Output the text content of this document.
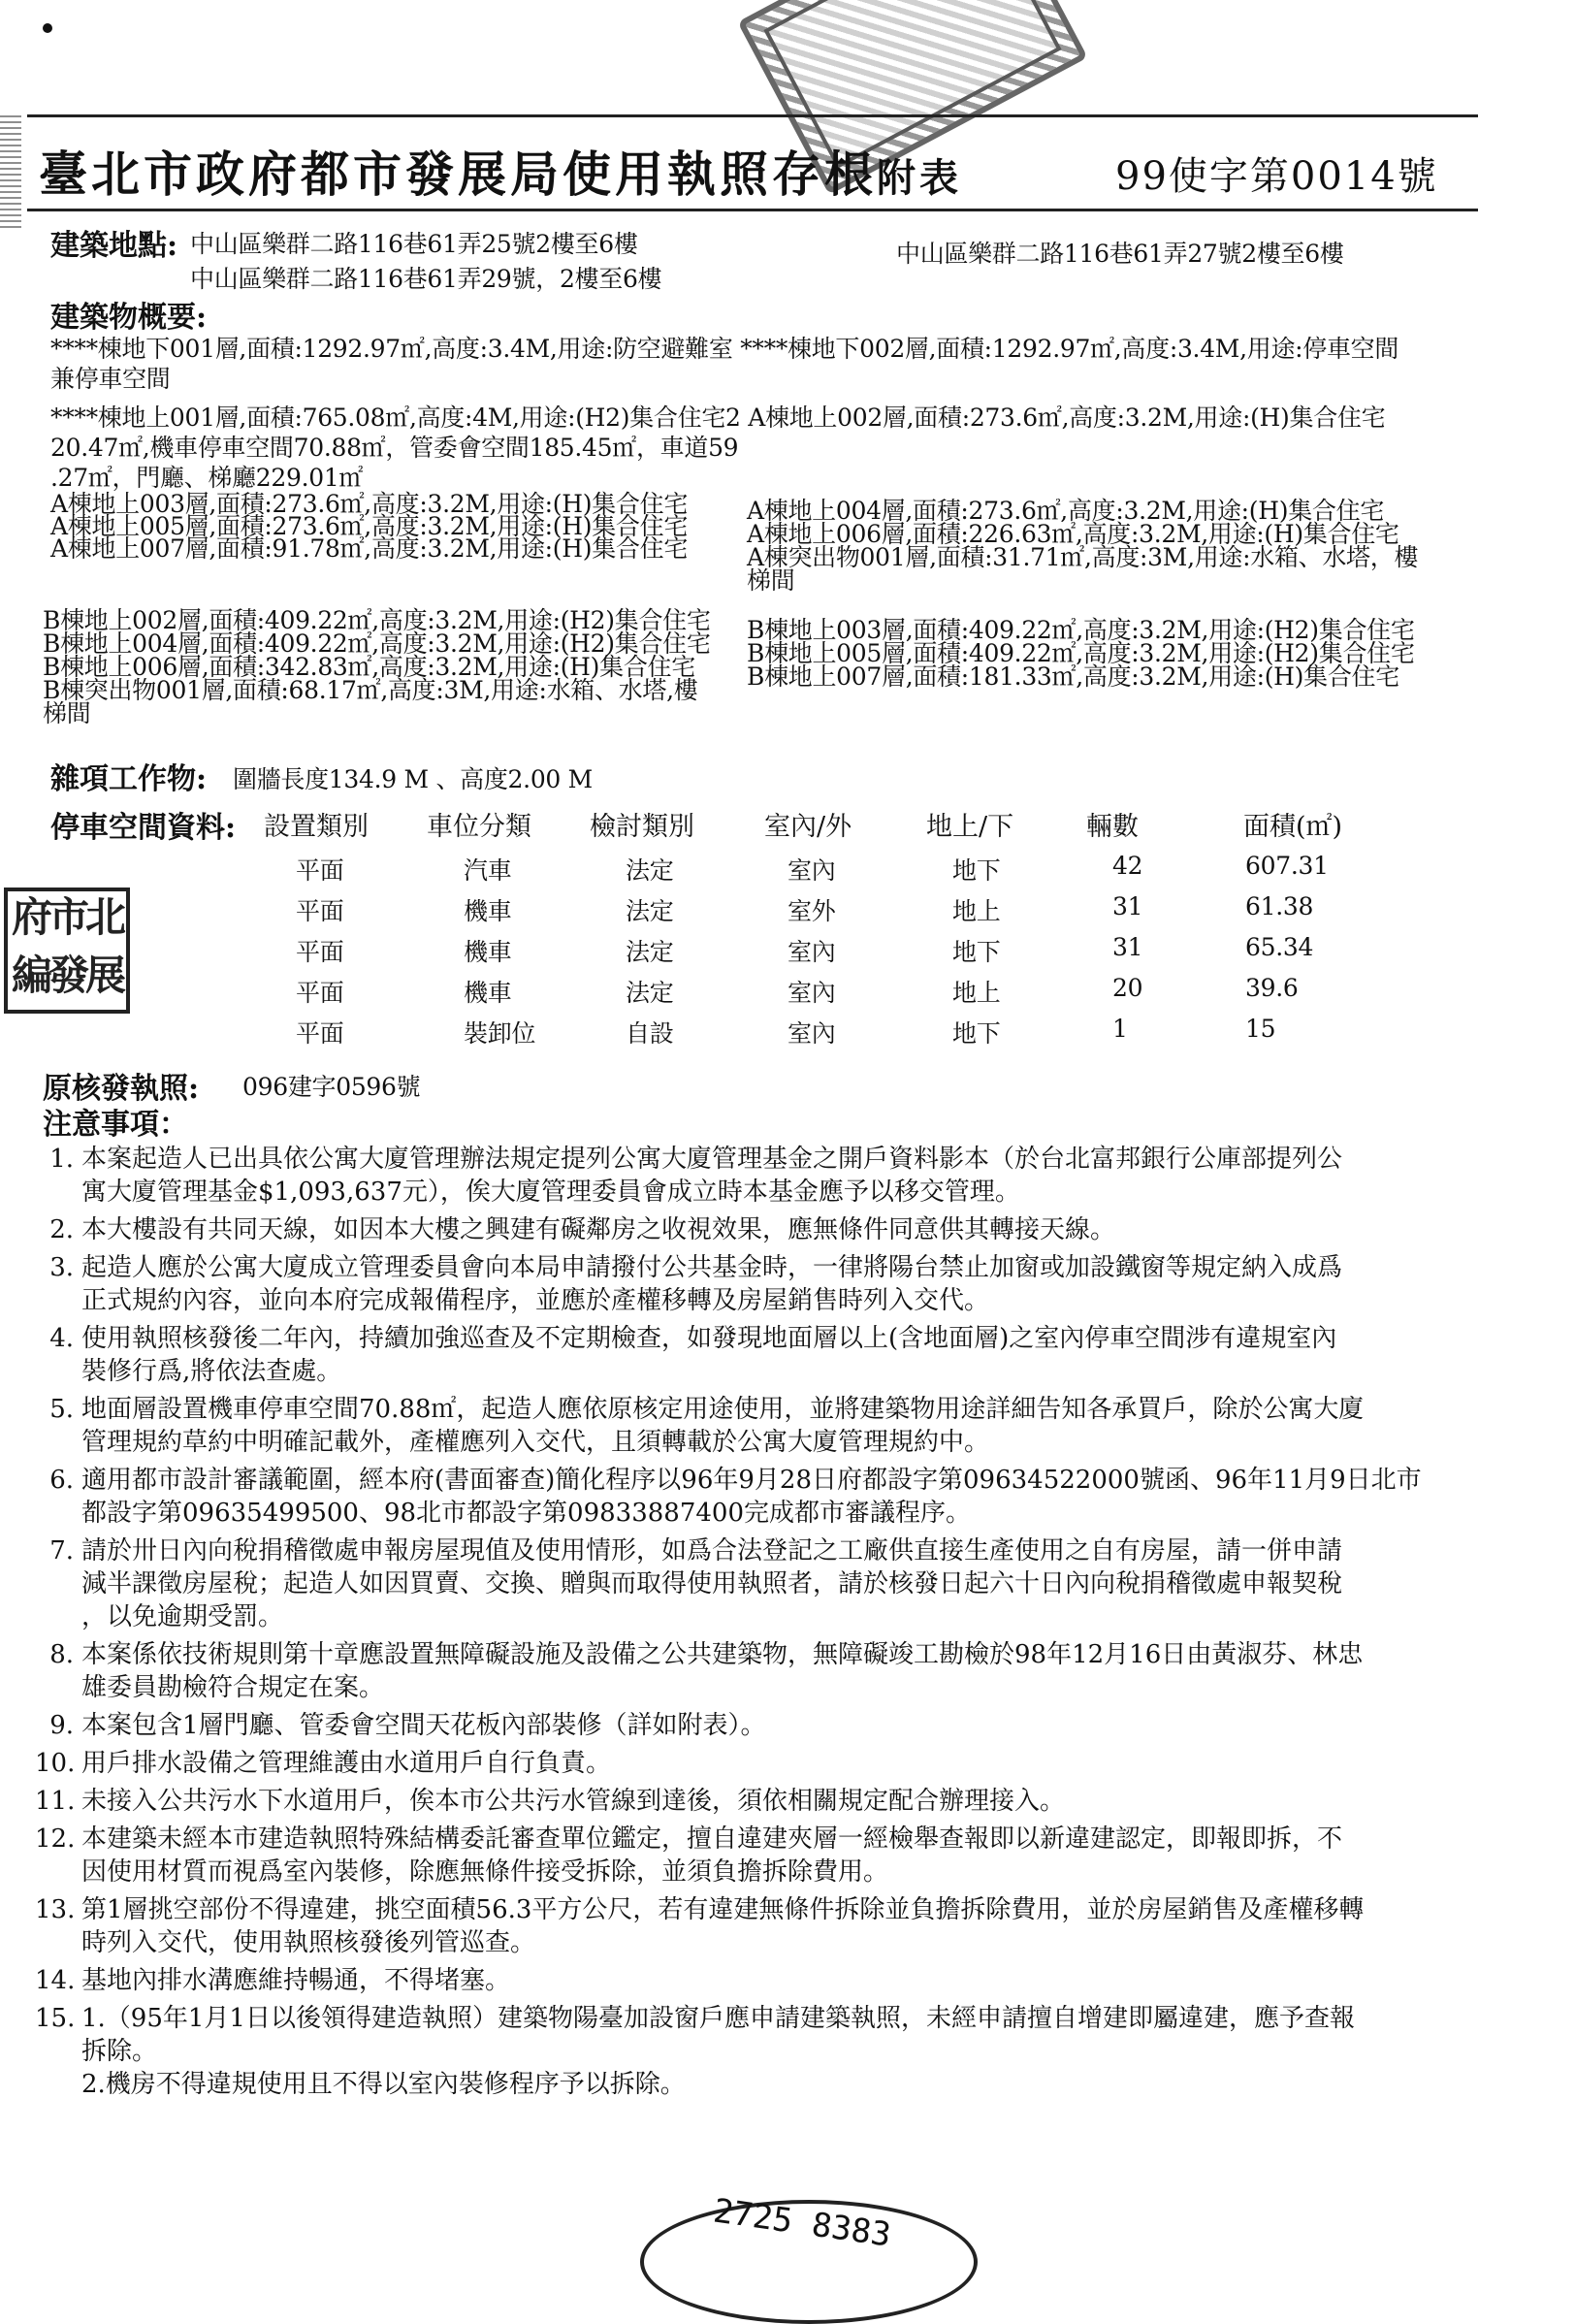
臺北市政府都市發展局使用執照存根附表	99使字第0014號
建築地點: 中山區樂群二路116巷61弄25號2樓至6樓	中山區樂群二路116巷61弄27號2樓至6樓
中山區樂群二路116巷61弄29號，2樓至6樓
建築物概要:
****棟地下001層,面積:1292.97㎡,高度:3.4M,用途:防空避難室 ****棟地下002層,面積:1292.97㎡,高度:3.4M,用途:停車空間
兼停車空間
****棟地上001層,面積:765.08㎡,高度:4M,用途:(H2)集合住宅2 A棟地上002層,面積:273.6㎡,高度:3.2M,用途:(H)集合住宅
20.47㎡,機車停車空間70.88㎡，管委會空間185.45㎡，車道59
.27㎡，門廳、梯廳229.01㎡
A棟地上003層,面積:273.6㎡,高度:3.2M,用途:(H)集合住宅
A棟地上005層,面積:273.6㎡,高度:3.2M,用途:(H)集合住宅
A棟地上007層,面積:91.78㎡,高度:3.2M,用途:(H)集合住宅
A棟地上004層,面積:273.6㎡,高度:3.2M,用途:(H)集合住宅
A棟地上006層,面積:226.63㎡,高度:3.2M,用途:(H)集合住宅
A棟突出物001層,面積:31.71㎡,高度:3M,用途:水箱、水塔，樓
梯間
B棟地上002層,面積:409.22㎡,高度:3.2M,用途:(H2)集合住宅
B棟地上004層,面積:409.22㎡,高度:3.2M,用途:(H2)集合住宅
B棟地上006層,面積:342.83㎡,高度:3.2M,用途:(H)集合住宅
B棟突出物001層,面積:68.17㎡,高度:3M,用途:水箱、水塔,樓
梯間
B棟地上003層,面積:409.22㎡,高度:3.2M,用途:(H2)集合住宅
B棟地上005層,面積:409.22㎡,高度:3.2M,用途:(H2)集合住宅
B棟地上007層,面積:181.33㎡,高度:3.2M,用途:(H)集合住宅
雜項工作物: 圍牆長度134.9 M 、高度2.00 M
停車空間資料: 設置類別 車位分類 檢討類別	室內/外	地上/下	輛數	面積(㎡)
平面	汽車	法定	室內	地下	42	607.31
平面	機車	法定	室外	地上	31	61.38
平面	機車	法定	室內	地下	31	65.34
平面	機車	法定	室內	地上	20	39.6
平面	裝卸位	自設	室內	地下	1	15
府
市
北
編
發
展
原核發執照: 096建字0596號
注意事項：
1. 本案起造人已出具依公寓大廈管理辦法規定提列公寓大廈管理基金之開戶資料影本（於台北富邦銀行公庫部提列公
寓大廈管理基金$1,093,637元），俟大廈管理委員會成立時本基金應予以移交管理。
2. 本大樓設有共同天線，如因本大樓之興建有礙鄰房之收視效果，應無條件同意供其轉接天線。
3. 起造人應於公寓大廈成立管理委員會向本局申請撥付公共基金時，一律將陽台禁止加窗或加設鐵窗等規定納入成爲
正式規約內容，並向本府完成報備程序，並應於產權移轉及房屋銷售時列入交代。
4. 使用執照核發後二年內，持續加強巡查及不定期檢查，如發現地面層以上(含地面層)之室內停車空間涉有違規室內
裝修行爲,將依法查處。
5. 地面層設置機車停車空間70.88㎡，起造人應依原核定用途使用，並將建築物用途詳細告知各承買戶，除於公寓大廈
管理規約草約中明確記載外，產權應列入交代，且須轉載於公寓大廈管理規約中。
6. 適用都市設計審議範圍，經本府(書面審查)簡化程序以96年9月28日府都設字第09634522000號函、96年11月9日北市
都設字第09635499500、98北市都設字第09833887400完成都市審議程序。
7. 請於卅日內向稅捐稽徵處申報房屋現值及使用情形，如爲合法登記之工廠供直接生產使用之自有房屋，請一併申請
減半課徵房屋稅；起造人如因買賣、交換、贈與而取得使用執照者，請於核發日起六十日內向稅捐稽徵處申報契稅
，以免逾期受罰。
8. 本案係依技術規則第十章應設置無障礙設施及設備之公共建築物，無障礙竣工勘檢於98年12月16日由黃淑芬、林忠
雄委員勘檢符合規定在案。
9. 本案包含1層門廳、管委會空間天花板內部裝修（詳如附表）。
10. 用戶排水設備之管理維護由水道用戶自行負責。
11. 未接入公共污水下水道用戶，俟本市公共污水管線到達後，須依相關規定配合辦理接入。
12. 本建築未經本市建造執照特殊結構委託審查單位鑑定，擅自違建夾層一經檢舉查報即以新違建認定，即報即拆，不
因使用材質而視爲室內裝修，除應無條件接受拆除，並須負擔拆除費用。
13. 第1層挑空部份不得違建，挑空面積56.3平方公尺，若有違建無條件拆除並負擔拆除費用，並於房屋銷售及產權移轉
時列入交代，使用執照核發後列管巡查。
14. 基地內排水溝應維持暢通，不得堵塞。
15. 1.（95年1月1日以後領得建造執照）建築物陽臺加設窗戶應申請建築執照，未經申請擅自增建即屬違建，應予查報
拆除。
2.機房不得違規使用且不得以室內裝修程序予以拆除。
2725 8383
